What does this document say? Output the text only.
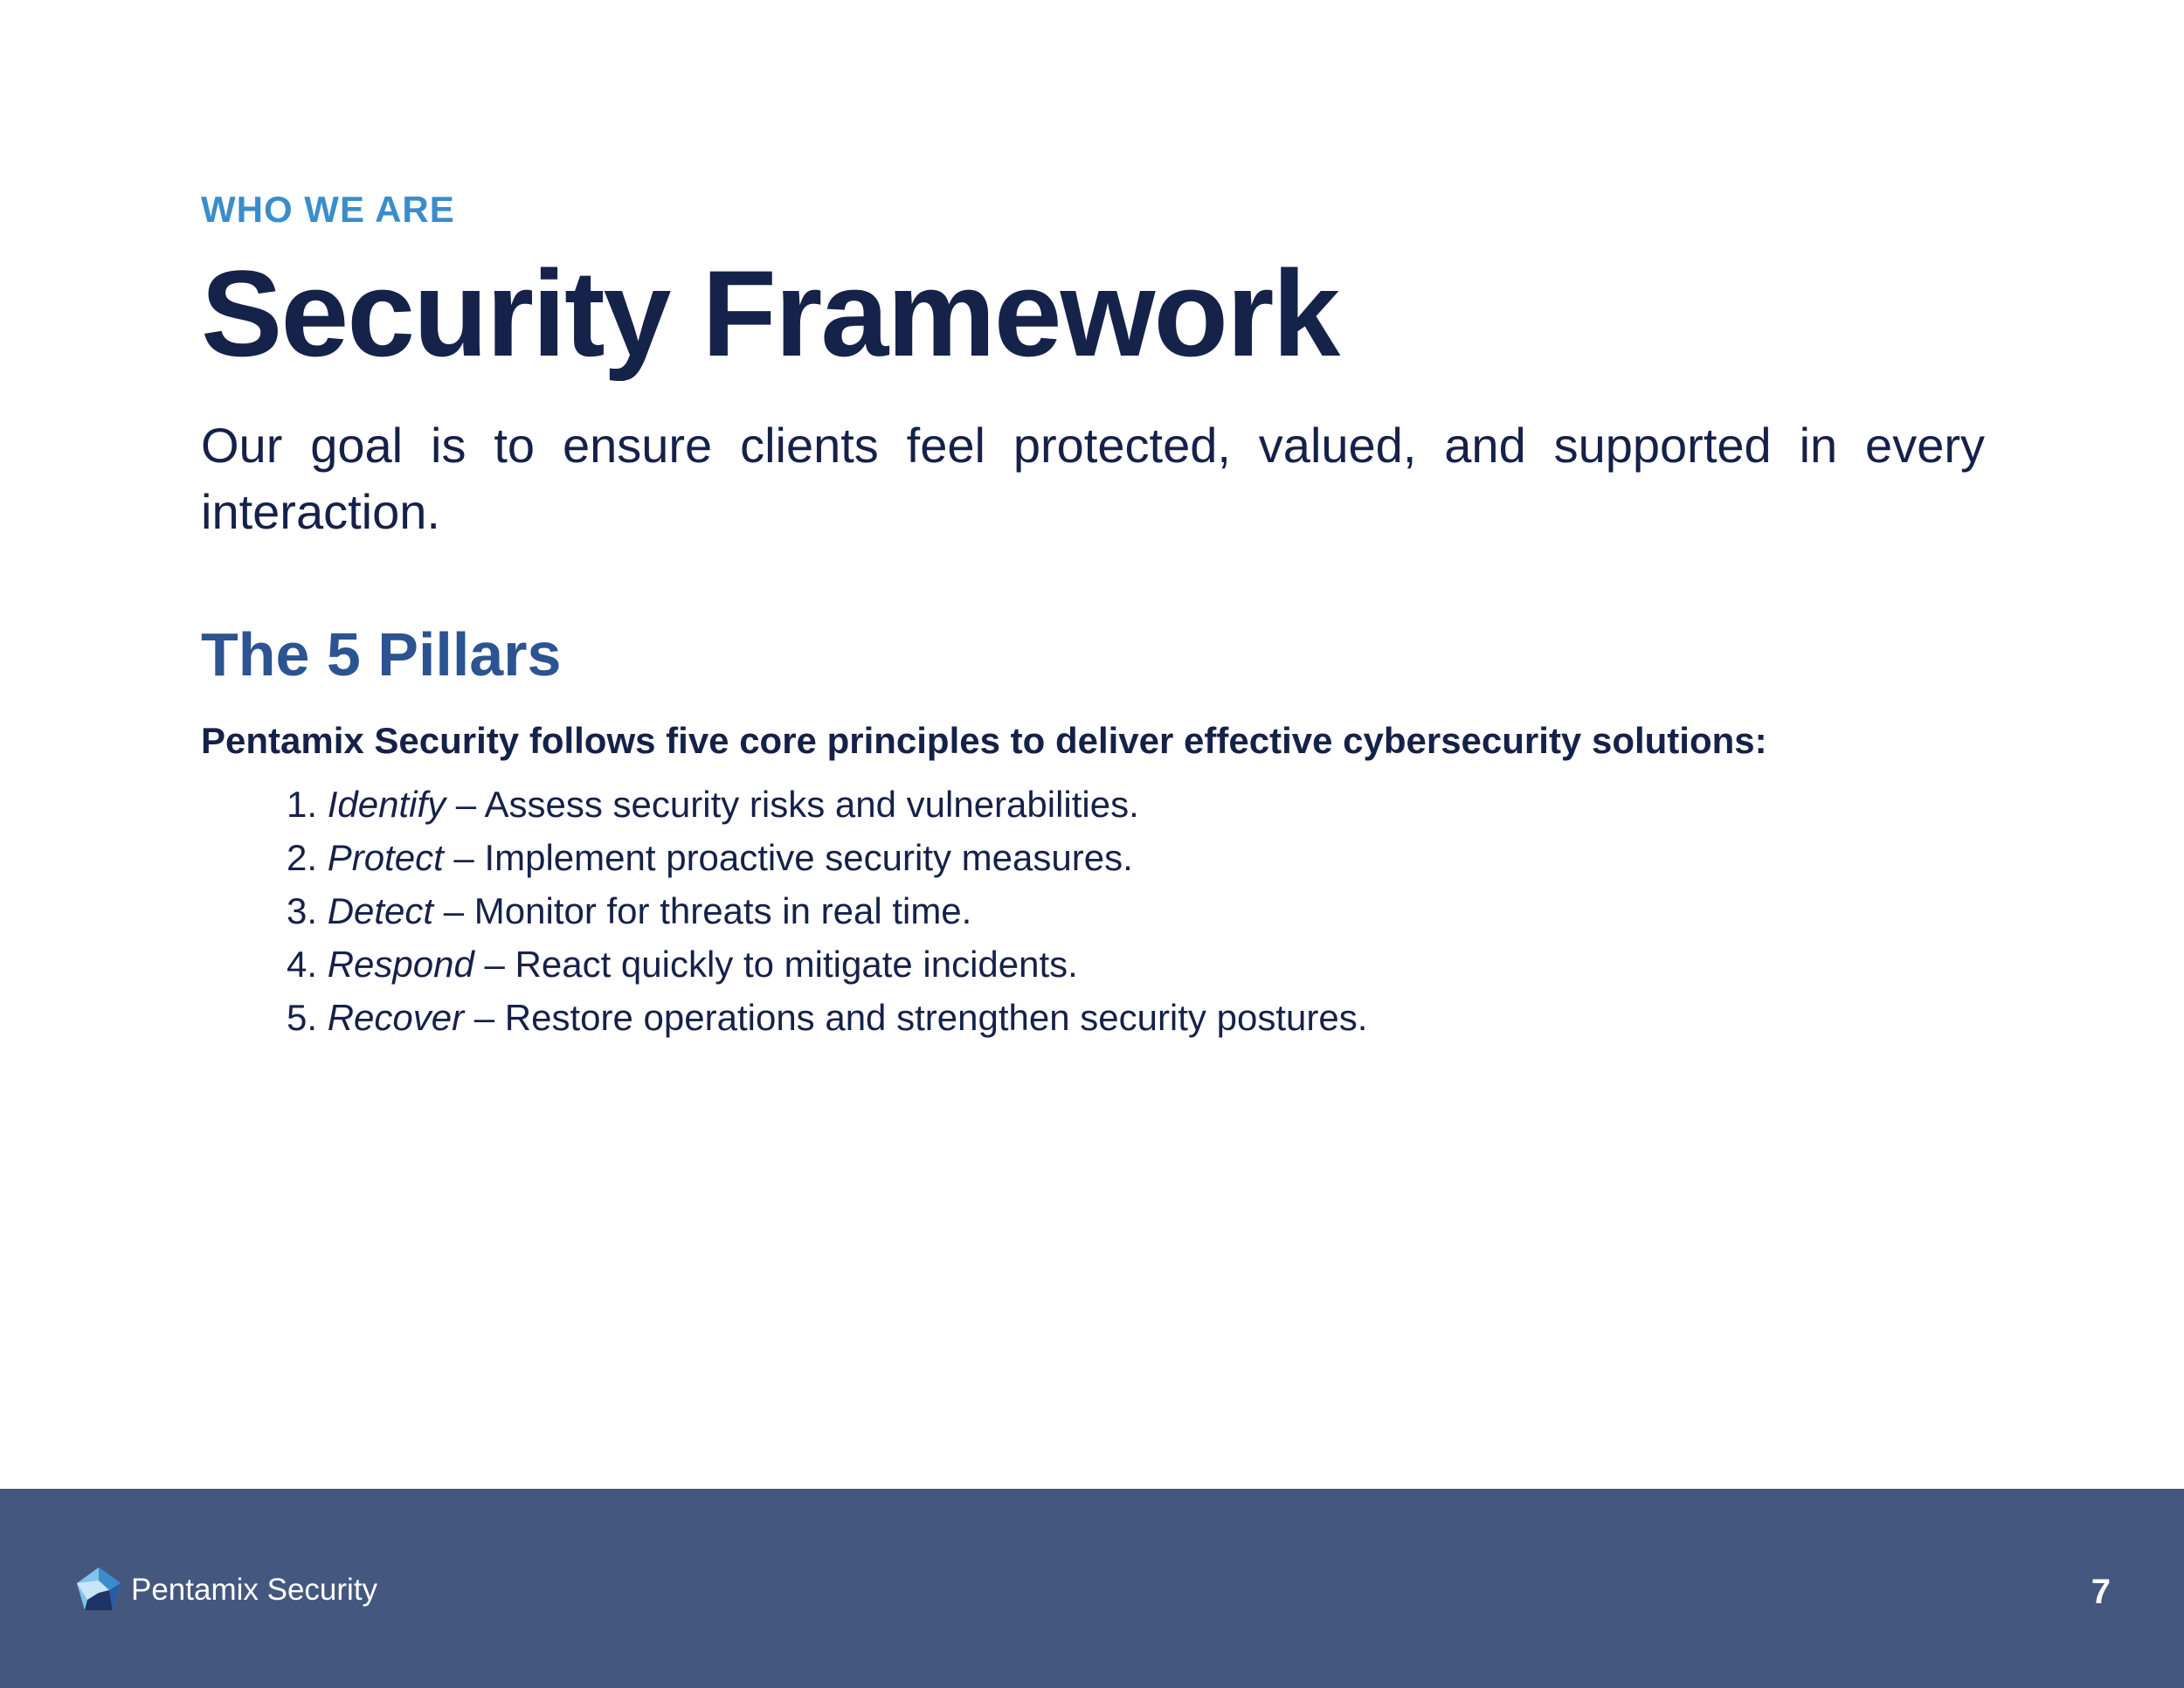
WHO WE ARE

Security Framework

Our goal is to ensure clients feel protected, valued, and supported in every interaction.

The 5 Pillars

Pentamix Security follows five core principles to deliver effective cybersecurity solutions:

1. Identify – Assess security risks and vulnerabilities.
2. Protect – Implement proactive security measures.
3. Detect – Monitor for threats in real time.
4. Respond – React quickly to mitigate incidents.
5. Recover – Restore operations and strengthen security postures.
Pentamix Security	7
